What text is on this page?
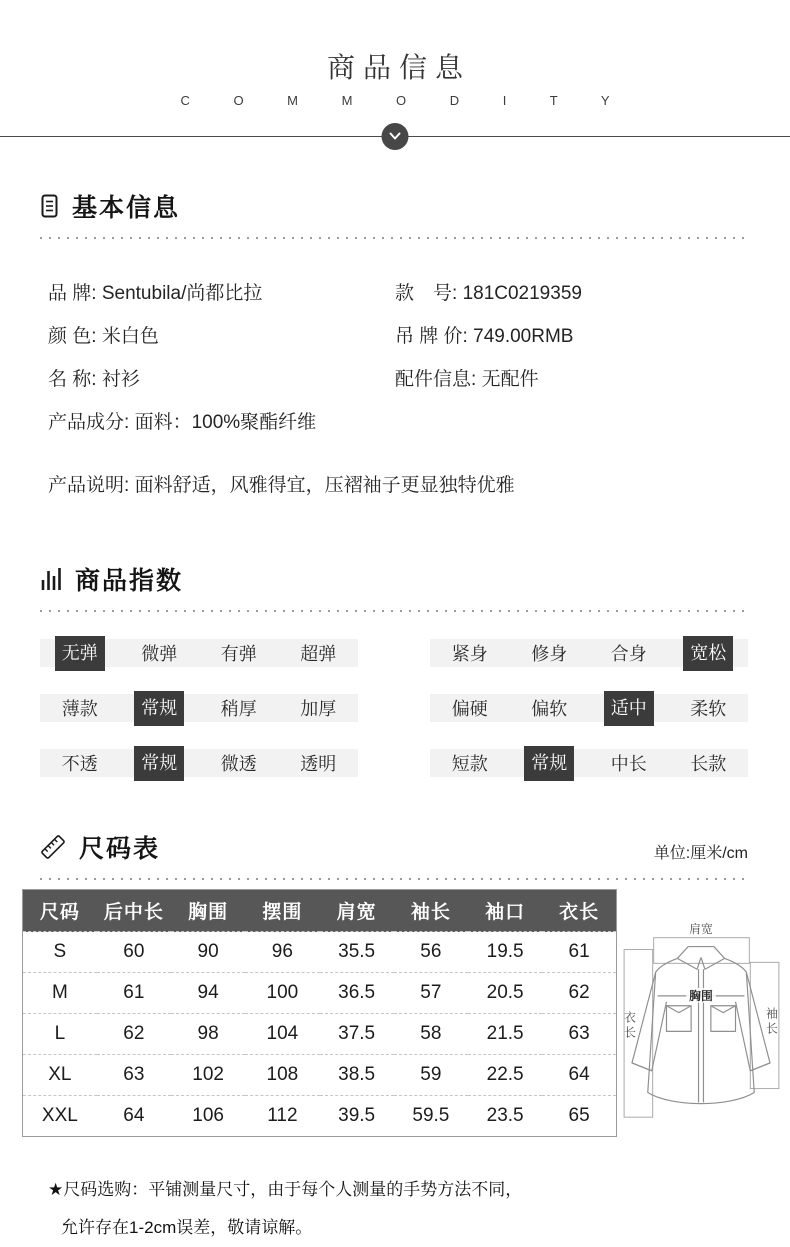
商品信息
C O M M O D I T Y
基本信息
品 牌: Sentubila/尚都比拉	款　号: 181C0219359
颜 色: 米白色	吊 牌 价: 749.00RMB
名 称: 衬衫	配件信息: 无配件
产品成分: 面料：100%聚酯纤维
产品说明: 面料舒适，风雅得宜，压褶袖子更显独特优雅
商品指数
无弹	微弹	有弹	超弹	紧身	修身	合身	宽松
薄款	常规	稍厚	加厚	偏硬	偏软	适中	柔软
不透	常规	微透	透明	短款	常规	中长	长款
尺码表	单位:厘米/cm
尺码	后中长	胸围	摆围	肩宽	袖长	袖口	衣长
S	60	90	96	35.5	56	19.5	61
M	61	94	100	36.5	57	20.5	62
L	62	98	104	37.5	58	21.5	63
XL	63	102	108	38.5	59	22.5	64
XXL	64	106	112	39.5	59.5	23.5	65
肩宽
胸围
衣长
袖长
★尺码选购：平铺测量尺寸，由于每个人测量的手势方法不同，
允许存在1-2cm误差，敬请谅解。
